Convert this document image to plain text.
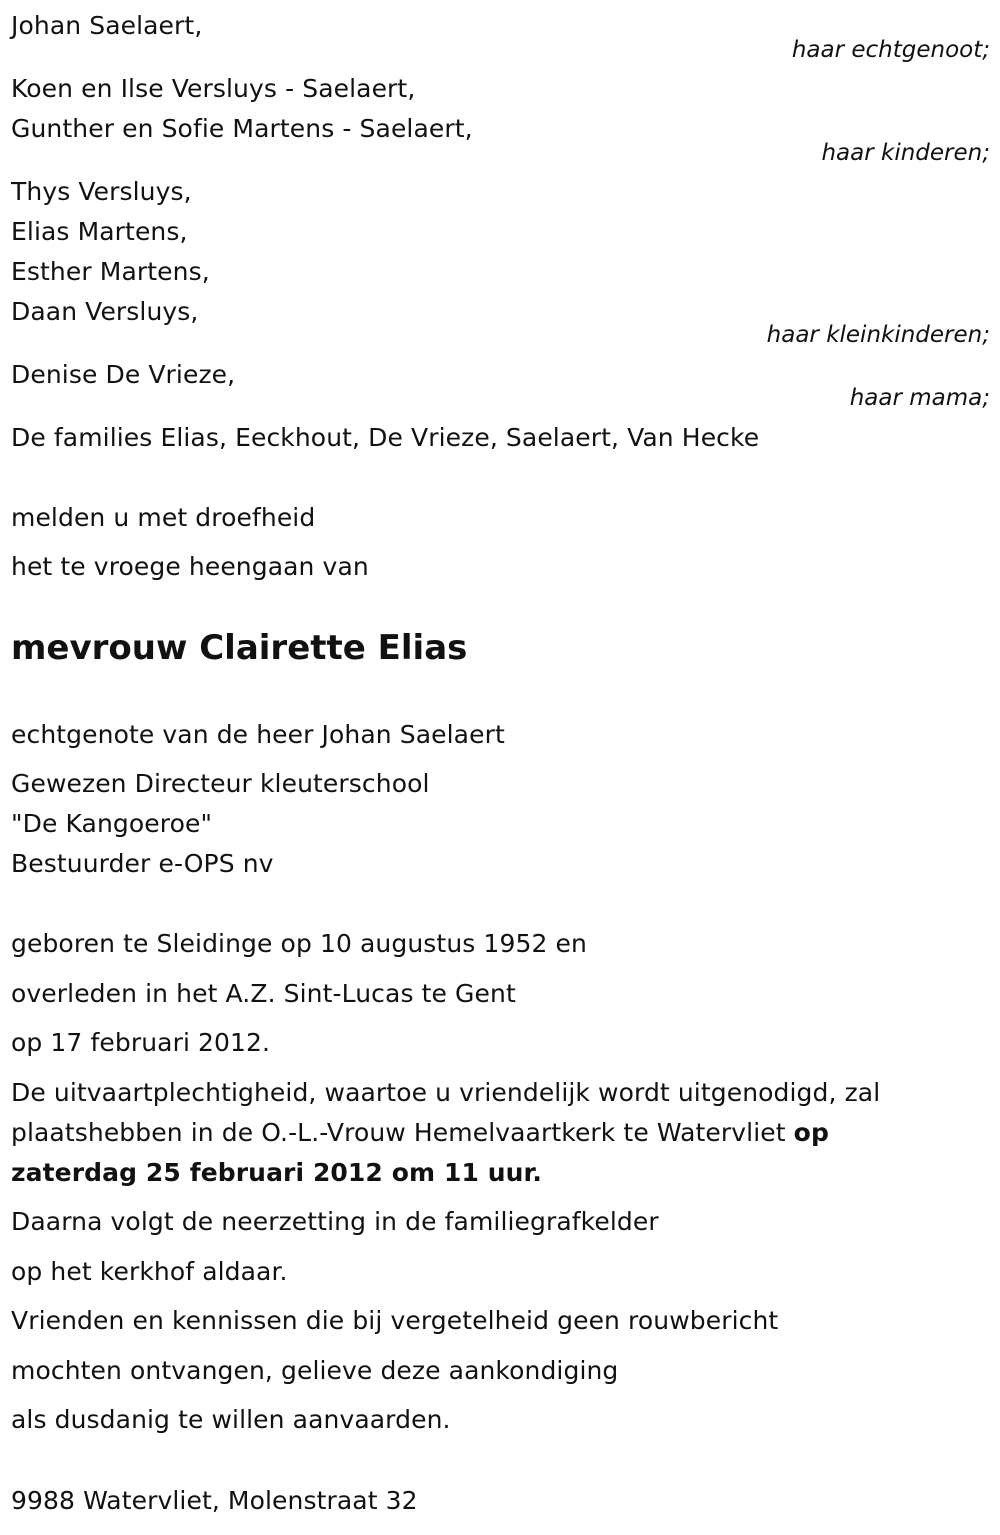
Johan Saelaert,
haar echtgenoot;
Koen en Ilse Versluys - Saelaert,
Gunther en Sofie Martens - Saelaert,
haar kinderen;
Thys Versluys,
Elias Martens,
Esther Martens,
Daan Versluys,
haar kleinkinderen;
Denise De Vrieze,
haar mama;
De families Elias, Eeckhout, De Vrieze, Saelaert, Van Hecke
melden u met droefheid
het te vroege heengaan van
mevrouw Clairette Elias
echtgenote van de heer Johan Saelaert
Gewezen Directeur kleuterschool
"De Kangoeroe"
Bestuurder e-OPS nv
geboren te Sleidinge op 10 augustus 1952 en
overleden in het A.Z. Sint-Lucas te Gent
op 17 februari 2012.
De uitvaartplechtigheid, waartoe u vriendelijk wordt uitgenodigd, zal
plaatshebben in de O.-L.-Vrouw Hemelvaartkerk te Watervliet op
zaterdag 25 februari 2012 om 11 uur.
Daarna volgt de neerzetting in de familiegrafkelder
op het kerkhof aldaar.
Vrienden en kennissen die bij vergetelheid geen rouwbericht
mochten ontvangen, gelieve deze aankondiging
als dusdanig te willen aanvaarden.
9988 Watervliet, Molenstraat 32
